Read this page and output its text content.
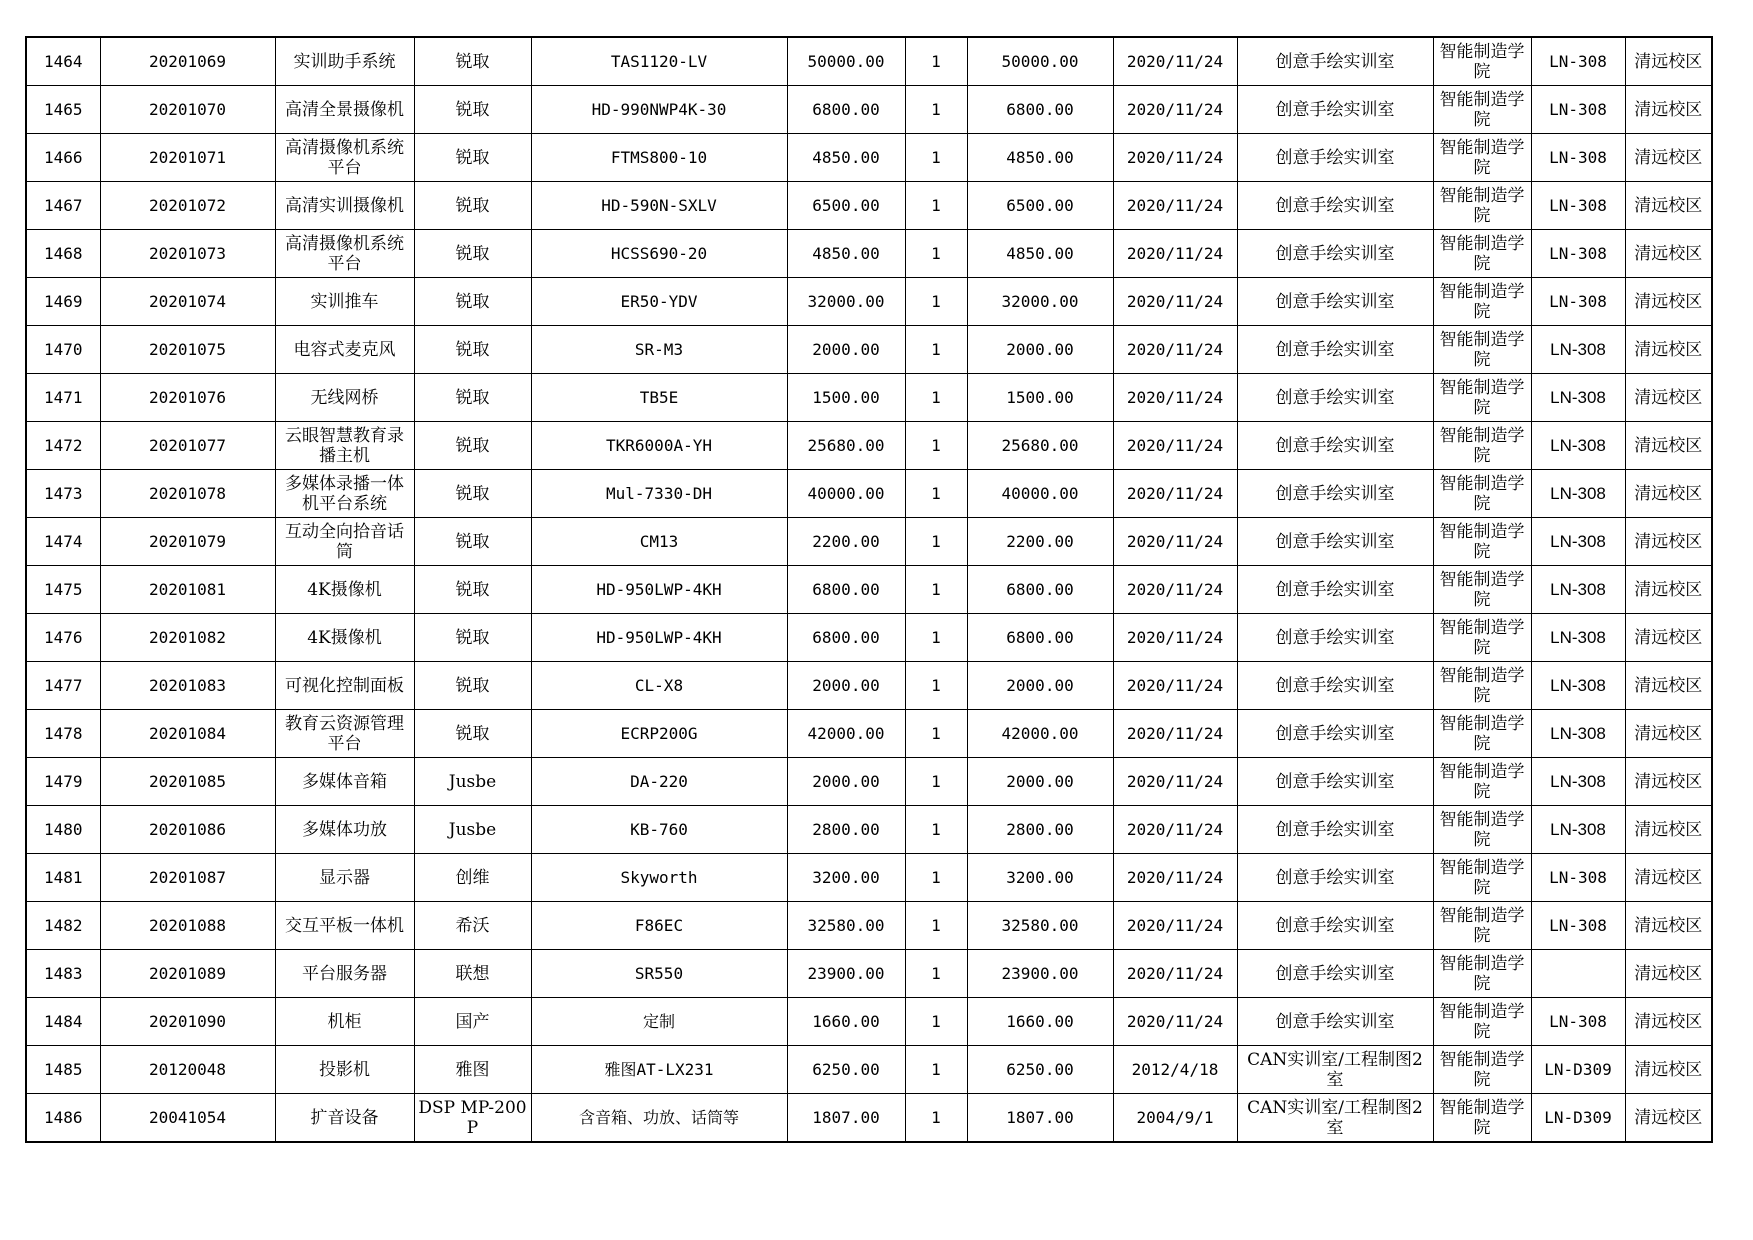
1464	20201069	实训助手系统	锐取	TAS1120-LV	50000.00	1	50000.00	2020/11/24	创意手绘实训室	智能制造学院	LN-308	清远校区
1465	20201070	高清全景摄像机	锐取	HD-990NWP4K-30	6800.00	1	6800.00	2020/11/24	创意手绘实训室	智能制造学院	LN-308	清远校区
1466	20201071	高清摄像机系统平台	锐取	FTMS800-10	4850.00	1	4850.00	2020/11/24	创意手绘实训室	智能制造学院	LN-308	清远校区
1467	20201072	高清实训摄像机	锐取	HD-590N-SXLV	6500.00	1	6500.00	2020/11/24	创意手绘实训室	智能制造学院	LN-308	清远校区
1468	20201073	高清摄像机系统平台	锐取	HCSS690-20	4850.00	1	4850.00	2020/11/24	创意手绘实训室	智能制造学院	LN-308	清远校区
1469	20201074	实训推车	锐取	ER50-YDV	32000.00	1	32000.00	2020/11/24	创意手绘实训室	智能制造学院	LN-308	清远校区
1470	20201075	电容式麦克风	锐取	SR-M3	2000.00	1	2000.00	2020/11/24	创意手绘实训室	智能制造学院	LN-308	清远校区
1471	20201076	无线网桥	锐取	TB5E	1500.00	1	1500.00	2020/11/24	创意手绘实训室	智能制造学院	LN-308	清远校区
1472	20201077	云眼智慧教育录播主机	锐取	TKR6000A-YH	25680.00	1	25680.00	2020/11/24	创意手绘实训室	智能制造学院	LN-308	清远校区
1473	20201078	多媒体录播一体机平台系统	锐取	Mul-7330-DH	40000.00	1	40000.00	2020/11/24	创意手绘实训室	智能制造学院	LN-308	清远校区
1474	20201079	互动全向拾音话筒	锐取	CM13	2200.00	1	2200.00	2020/11/24	创意手绘实训室	智能制造学院	LN-308	清远校区
1475	20201081	4K摄像机	锐取	HD-950LWP-4KH	6800.00	1	6800.00	2020/11/24	创意手绘实训室	智能制造学院	LN-308	清远校区
1476	20201082	4K摄像机	锐取	HD-950LWP-4KH	6800.00	1	6800.00	2020/11/24	创意手绘实训室	智能制造学院	LN-308	清远校区
1477	20201083	可视化控制面板	锐取	CL-X8	2000.00	1	2000.00	2020/11/24	创意手绘实训室	智能制造学院	LN-308	清远校区
1478	20201084	教育云资源管理平台	锐取	ECRP200G	42000.00	1	42000.00	2020/11/24	创意手绘实训室	智能制造学院	LN-308	清远校区
1479	20201085	多媒体音箱	Jusbe	DA-220	2000.00	1	2000.00	2020/11/24	创意手绘实训室	智能制造学院	LN-308	清远校区
1480	20201086	多媒体功放	Jusbe	KB-760	2800.00	1	2800.00	2020/11/24	创意手绘实训室	智能制造学院	LN-308	清远校区
1481	20201087	显示器	创维	Skyworth	3200.00	1	3200.00	2020/11/24	创意手绘实训室	智能制造学院	LN-308	清远校区
1482	20201088	交互平板一体机	希沃	F86EC	32580.00	1	32580.00	2020/11/24	创意手绘实训室	智能制造学院	LN-308	清远校区
1483	20201089	平台服务器	联想	SR550	23900.00	1	23900.00	2020/11/24	创意手绘实训室	智能制造学院		清远校区
1484	20201090	机柜	国产	定制	1660.00	1	1660.00	2020/11/24	创意手绘实训室	智能制造学院	LN-308	清远校区
1485	20120048	投影机	雅图	雅图AT-LX231	6250.00	1	6250.00	2012/4/18	CAN实训室/工程制图2室	智能制造学院	LN-D309	清远校区
1486	20041054	扩音设备	DSP MP-200P	含音箱、功放、话筒等	1807.00	1	1807.00	2004/9/1	CAN实训室/工程制图2室	智能制造学院	LN-D309	清远校区
